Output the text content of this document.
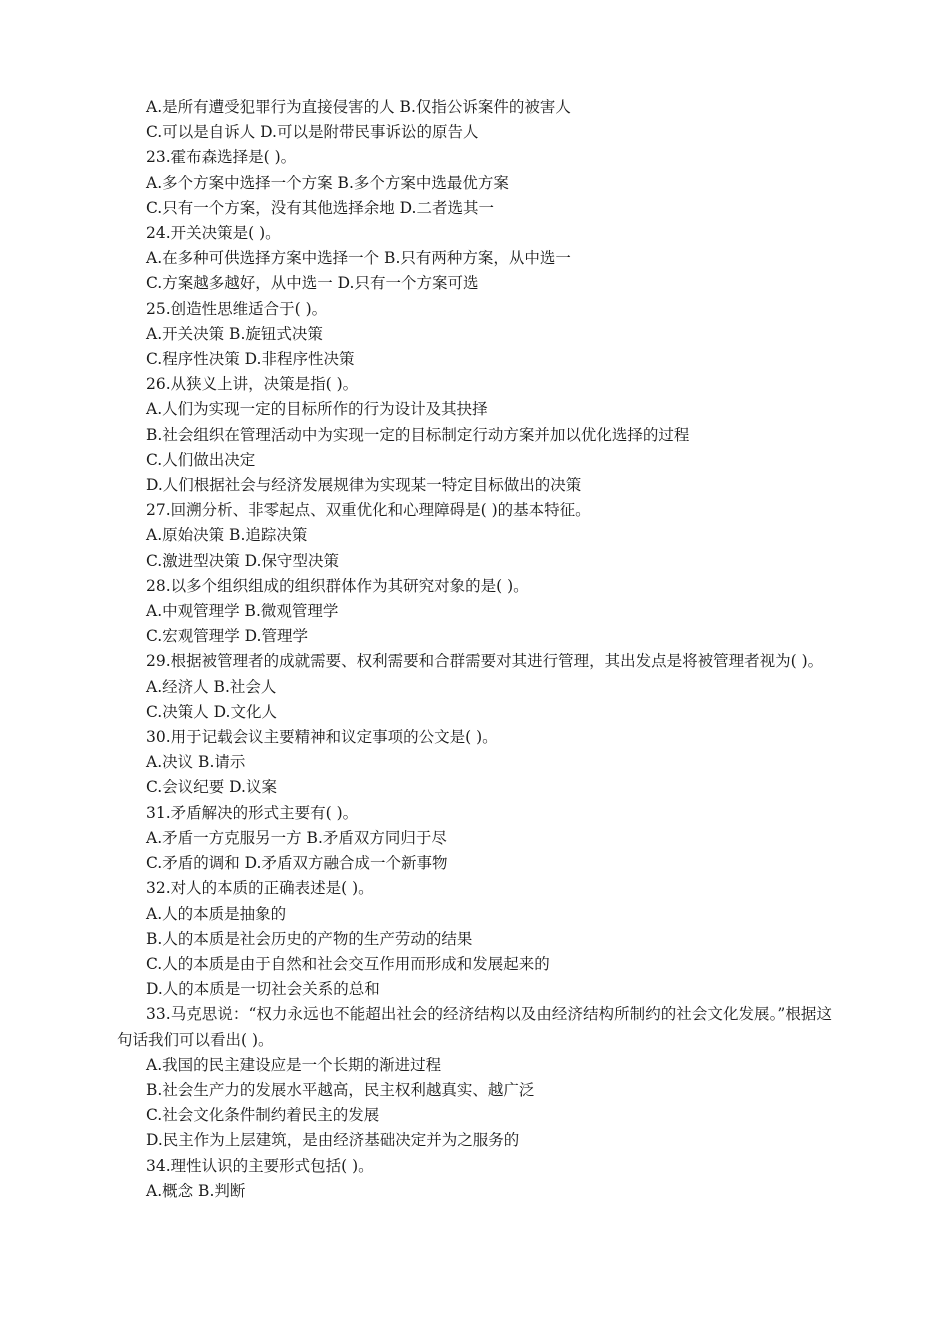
A.是所有遭受犯罪行为直接侵害的人 B.仅指公诉案件的被害人
C.可以是自诉人 D.可以是附带民事诉讼的原告人
23.霍布森选择是( )。
A.多个方案中选择一个方案 B.多个方案中选最优方案
C.只有一个方案，没有其他选择余地 D.二者选其一
24.开关决策是( )。
A.在多种可供选择方案中选择一个 B.只有两种方案，从中选一
C.方案越多越好，从中选一 D.只有一个方案可选
25.创造性思维适合于( )。
A.开关决策 B.旋钮式决策
C.程序性决策 D.非程序性决策
26.从狭义上讲，决策是指( )。
A.人们为实现一定的目标所作的行为设计及其抉择
B.社会组织在管理活动中为实现一定的目标制定行动方案并加以优化选择的过程
C.人们做出决定
D.人们根据社会与经济发展规律为实现某一特定目标做出的决策
27.回溯分析、非零起点、双重优化和心理障碍是( )的基本特征。
A.原始决策 B.追踪决策
C.激进型决策 D.保守型决策
28.以多个组织组成的组织群体作为其研究对象的是( )。
A.中观管理学 B.微观管理学
C.宏观管理学 D.管理学
29.根据被管理者的成就需要、权利需要和合群需要对其进行管理，其出发点是将被管理者视为( )。
A.经济人 B.社会人
C.决策人 D.文化人
30.用于记载会议主要精神和议定事项的公文是( )。
A.决议 B.请示
C.会议纪要 D.议案
31.矛盾解决的形式主要有( )。
A.矛盾一方克服另一方 B.矛盾双方同归于尽
C.矛盾的调和 D.矛盾双方融合成一个新事物
32.对人的本质的正确表述是( )。
A.人的本质是抽象的
B.人的本质是社会历史的产物的生产劳动的结果
C.人的本质是由于自然和社会交互作用而形成和发展起来的
D.人的本质是一切社会关系的总和
33.马克思说：“权力永远也不能超出社会的经济结构以及由经济结构所制约的社会文化发展。”根据这句话我们可以看出( )。
A.我国的民主建设应是一个长期的渐进过程
B.社会生产力的发展水平越高，民主权利越真实、越广泛
C.社会文化条件制约着民主的发展
D.民主作为上层建筑，是由经济基础决定并为之服务的
34.理性认识的主要形式包括( )。
A.概念 B.判断
